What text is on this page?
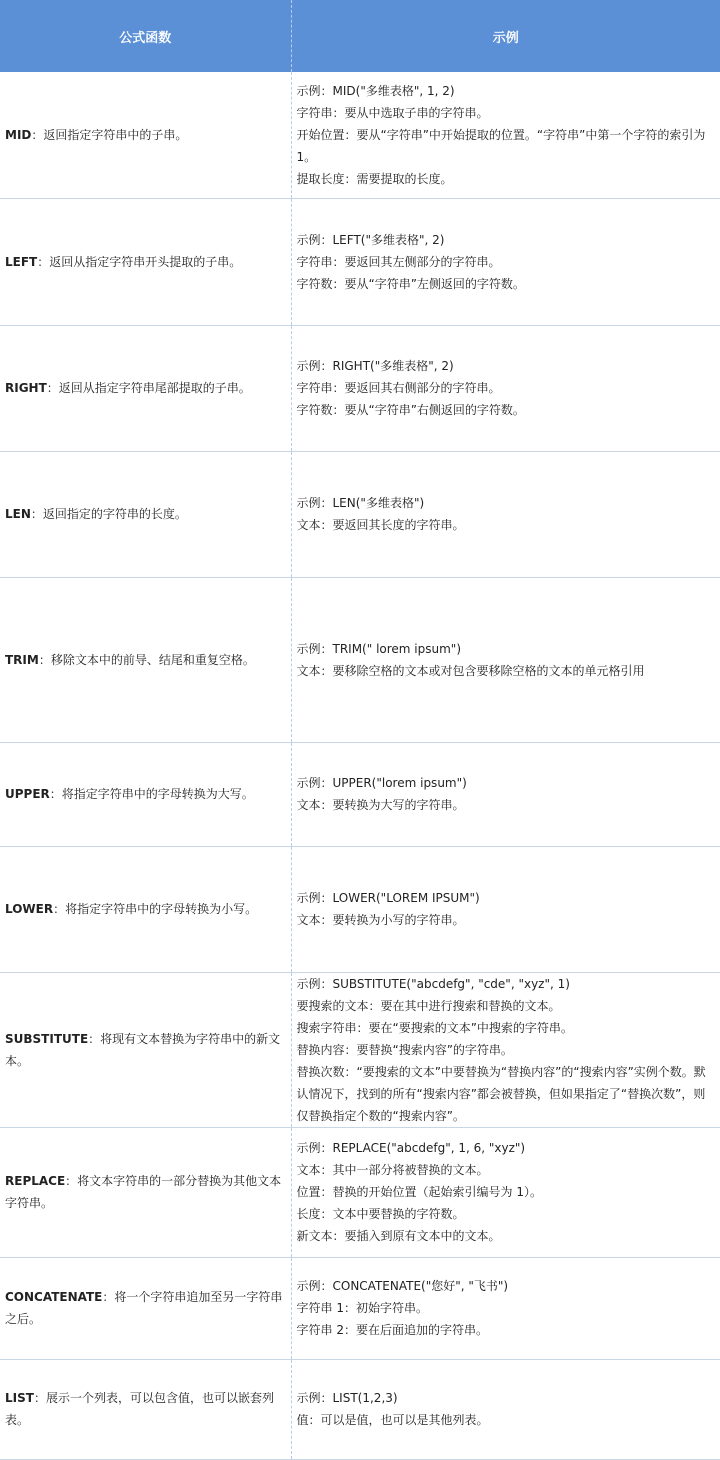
公式函数	示例
MID：返回指定字符串中的子串。	示例：MID("多维表格", 1, 2)
字符串：要从中选取子串的字符串。
开始位置：要从“字符串”中开始提取的位置。“字符串”中第一个字符的索引为 1。
提取长度：需要提取的长度。

LEFT：返回从指定字符串开头提取的子串。	示例：LEFT("多维表格", 2)
字符串：要返回其左侧部分的字符串。
字符数：要从“字符串”左侧返回的字符数。

RIGHT：返回从指定字符串尾部提取的子串。	示例：RIGHT("多维表格", 2)
字符串：要返回其右侧部分的字符串。
字符数：要从“字符串”右侧返回的字符数。

LEN：返回指定的字符串的长度。	示例：LEN("多维表格")
文本：要返回其长度的字符串。

TRIM：移除文本中的前导、结尾和重复空格。	示例：TRIM(" lorem ipsum")
文本：要移除空格的文本或对包含要移除空格的文本的单元格引用

UPPER：将指定字符串中的字母转换为大写。	示例：UPPER("lorem ipsum")
文本：要转换为大写的字符串。

LOWER：将指定字符串中的字母转换为小写。	示例：LOWER("LOREM IPSUM")
文本：要转换为小写的字符串。

SUBSTITUTE：将现有文本替换为字符串中的新文本。	示例：SUBSTITUTE("abcdefg", "cde", "xyz", 1)
要搜索的文本：要在其中进行搜索和替换的文本。
搜索字符串：要在“要搜索的文本”中搜索的字符串。
替换内容：要替换“搜索内容”的字符串。
替换次数：“要搜索的文本”中要替换为“替换内容”的“搜索内容”实例个数。默认情况下，找到的所有“搜索内容”都会被替换，但如果指定了“替换次数”，则仅替换指定个数的“搜索内容”。

REPLACE：将文本字符串的一部分替换为其他文本字符串。	示例：REPLACE("abcdefg", 1, 6, "xyz")
文本：其中一部分将被替换的文本。
位置：替换的开始位置（起始索引编号为 1）。
长度：文本中要替换的字符数。
新文本：要插入到原有文本中的文本。

CONCATENATE：将一个字符串追加至另一字符串之后。	示例：CONCATENATE("您好", "飞书")
字符串 1：初始字符串。
字符串 2：要在后面追加的字符串。

LIST：展示一个列表，可以包含值，也可以嵌套列表。	示例：LIST(1,2,3)
值：可以是值，也可以是其他列表。
